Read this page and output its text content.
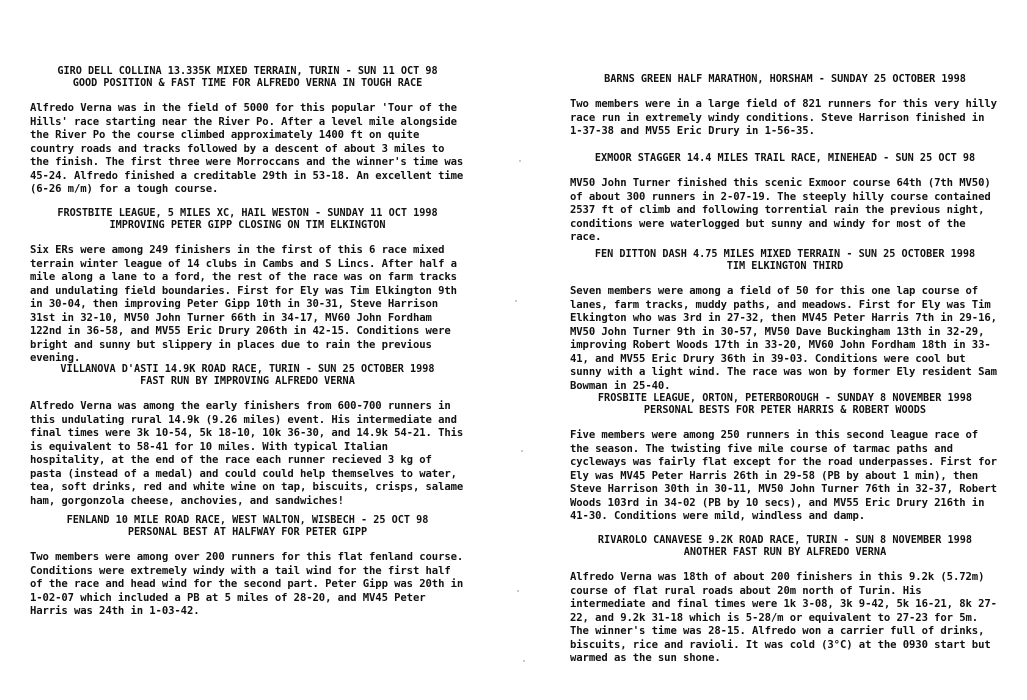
GIRO DELL COLLINA 13.335K MIXED TERRAIN, TURIN - SUN 11 OCT 98

GOOD POSITION & FAST TIME FOR ALFREDO VERNA IN TOUGH RACE

Alfredo Verna was in the field of 5000 for this popular 'Tour of the Hills' race starting near the River Po. After a level mile alongside the River Po the course climbed approximately 1400 ft on quite country roads and tracks followed by a descent of about 3 miles to the finish. The first three were Morroccans and the winner's time was 45-24. Alfredo finished a creditable 29th in 53-18. An excellent time (6-26 m/m) for a tough course.

FROSTBITE LEAGUE, 5 MILES XC, HAIL WESTON - SUNDAY 11 OCT 1998

IMPROVING PETER GIPP CLOSING ON TIM ELKINGTON

Six ERs were among 249 finishers in the first of this 6 race mixed terrain winter league of 14 clubs in Cambs and S Lincs. After half a mile along a lane to a ford, the rest of the race was on farm tracks and undulating field boundaries. First for Ely was Tim Elkington 9th in 30-04, then improving Peter Gipp 10th in 30-31, Steve Harrison 31st in 32-10, MV50 John Turner 66th in 34-17, MV60 John Fordham 122nd in 36-58, and MV55 Eric Drury 206th in 42-15. Conditions were bright and sunny but slippery in places due to rain the previous evening.

VILLANOVA D'ASTI 14.9K ROAD RACE, TURIN - SUN 25 OCTOBER 1998

FAST RUN BY IMPROVING ALFREDO VERNA

Alfredo Verna was among the early finishers from 600-700 runners in this undulating rural 14.9k (9.26 miles) event. His intermediate and final times were 3k 10-54, 5k 18-10, 10k 36-30, and 14.9k 54-21. This is equivalent to 58-41 for 10 miles. With typical Italian hospitality, at the end of the race each runner recieved 3 kg of pasta (instead of a medal) and could could help themselves to water, tea, soft drinks, red and white wine on tap, biscuits, crisps, salame ham, gorgonzola cheese, anchovies, and sandwiches!

FENLAND 10 MILE ROAD RACE, WEST WALTON, WISBECH - 25 OCT 98

PERSONAL BEST AT HALFWAY FOR PETER GIPP

Two members were among over 200 runners for this flat fenland course. Conditions were extremely windy with a tail wind for the first half of the race and head wind for the second part. Peter Gipp was 20th in 1-02-07 which included a PB at 5 miles of 28-20, and MV45 Peter Harris was 24th in 1-03-42.

BARNS GREEN HALF MARATHON, HORSHAM - SUNDAY 25 OCTOBER 1998

Two members were in a large field of 821 runners for this very hilly race run in extremely windy conditions. Steve Harrison finished in 1-37-38 and MV55 Eric Drury in 1-56-35.

EXMOOR STAGGER 14.4 MILES TRAIL RACE, MINEHEAD - SUN 25 OCT 98

MV50 John Turner finished this scenic Exmoor course 64th (7th MV50) of about 300 runners in 2-07-19. The steeply hilly course contained 2537 ft of climb and following torrential rain the previous night, conditions were waterlogged but sunny and windy for most of the race.

FEN DITTON DASH 4.75 MILES MIXED TERRAIN - SUN 25 OCTOBER 1998

TIM ELKINGTON THIRD

Seven members were among a field of 50 for this one lap course of lanes, farm tracks, muddy paths, and meadows. First for Ely was Tim Elkington who was 3rd in 27-32, then MV45 Peter Harris 7th in 29-16, MV50 John Turner 9th in 30-57, MV50 Dave Buckingham 13th in 32-29, improving Robert Woods 17th in 33-20, MV60 John Fordham 18th in 33-41, and MV55 Eric Drury 36th in 39-03. Conditions were cool but sunny with a light wind. The race was won by former Ely resident Sam Bowman in 25-40.

FROSBITE LEAGUE, ORTON, PETERBOROUGH - SUNDAY 8 NOVEMBER 1998

PERSONAL BESTS FOR PETER HARRIS & ROBERT WOODS

Five members were among 250 runners in this second league race of the season. The twisting five mile course of tarmac paths and cycleways was fairly flat except for the road underpasses. First for Ely was MV45 Peter Harris 26th in 29-58 (PB by about 1 min), then Steve Harrison 30th in 30-11, MV50 John Turner 76th in 32-37, Robert Woods 103rd in 34-02 (PB by 10 secs), and MV55 Eric Drury 216th in 41-30. Conditions were mild, windless and damp.

RIVAROLO CANAVESE 9.2K ROAD RACE, TURIN - SUN 8 NOVEMBER 1998

ANOTHER FAST RUN BY ALFREDO VERNA

Alfredo Verna was 18th of about 200 finishers in this 9.2k (5.72m) course of flat rural roads about 20m north of Turin. His intermediate and final times were 1k 3-08, 3k 9-42, 5k 16-21, 8k 27-22, and 9.2k 31-18 which is 5-28/m or equivalent to 27-23 for 5m. The winner's time was 28-15. Alfredo won a carrier full of drinks, biscuits, rice and ravioli. It was cold (3°C) at the 0930 start but warmed as the sun shone.
